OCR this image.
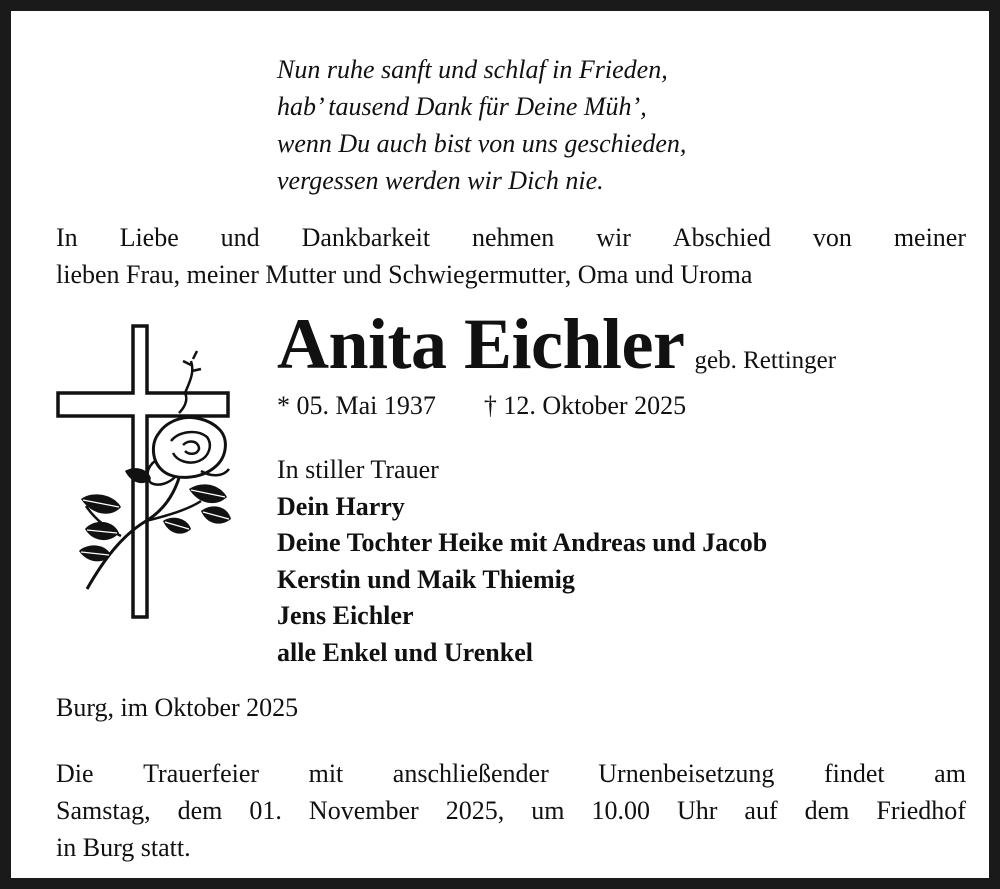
Nun ruhe sanft und schlaf in Frieden,
hab’ tausend Dank für Deine Müh’,
wenn Du auch bist von uns geschieden,
vergessen werden wir Dich nie.
In Liebe und Dankbarkeit nehmen wir Abschied von meiner
lieben Frau, meiner Mutter und Schwiegermutter, Oma und Uroma
Anita Eichler geb. Rettinger
* 05. Mai 1937 † 12. Oktober 2025
In stiller Trauer
Dein Harry
Deine Tochter Heike mit Andreas und Jacob
Kerstin und Maik Thiemig
Jens Eichler
alle Enkel und Urenkel
Burg, im Oktober 2025
Die Trauerfeier mit anschließender Urnenbeisetzung findet am
Samstag, dem 01. November 2025, um 10.00 Uhr auf dem Friedhof
in Burg statt.
